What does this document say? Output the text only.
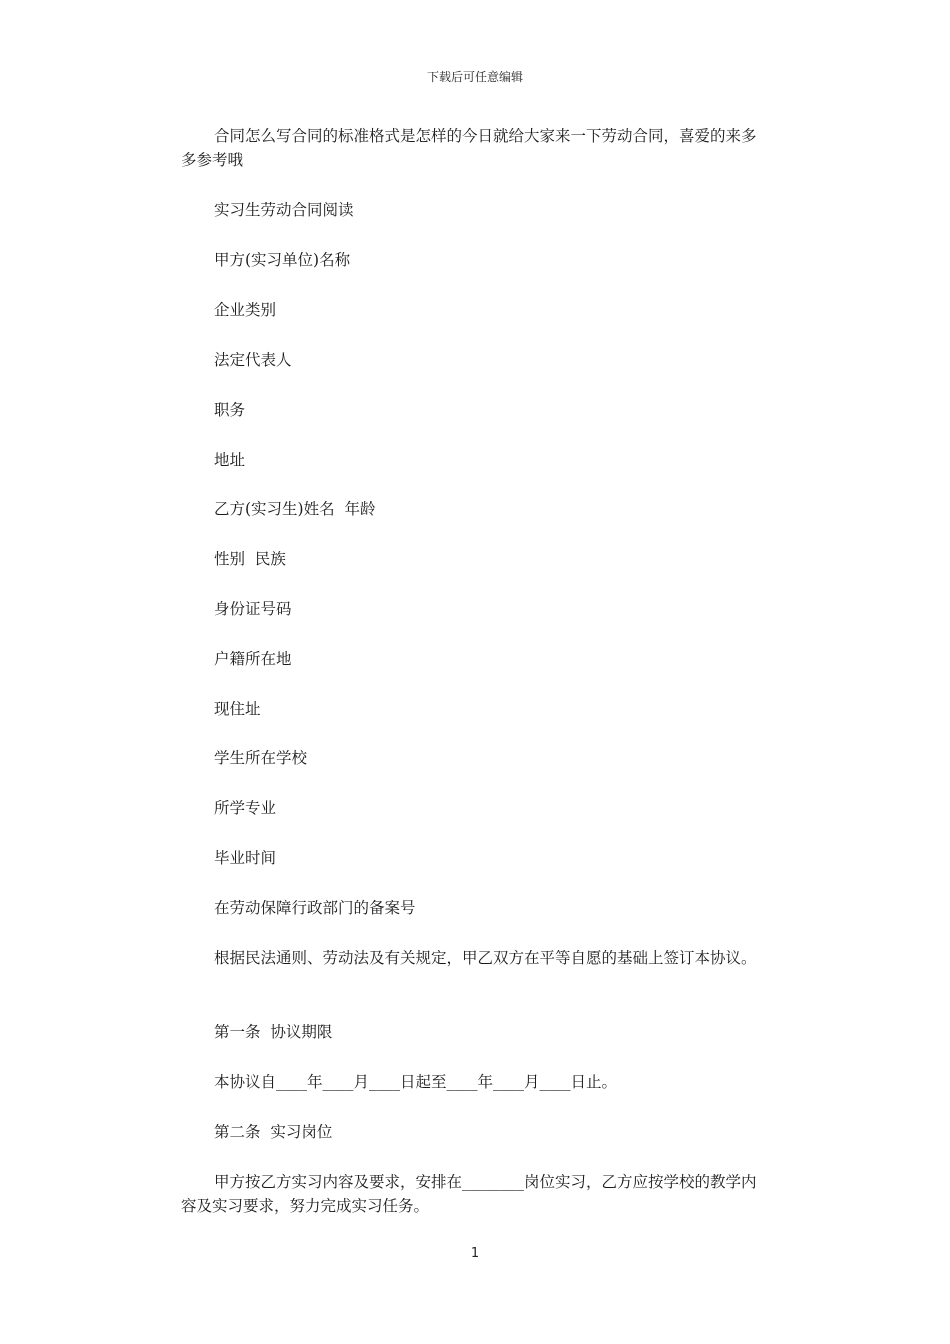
下载后可任意编辑

合同怎么写合同的标准格式是怎样的今日就给大家来一下劳动合同，喜爱的来多多参考哦

实习生劳动合同阅读

甲方(实习单位)名称

企业类别

法定代表人

职务

地址

乙方(实习生)姓名  年龄

性别  民族

身份证号码

户籍所在地

现住址

学生所在学校

所学专业

毕业时间

在劳动保障行政部门的备案号

根据民法通则、劳动法及有关规定，甲乙双方在平等自愿的基础上签订本协议。

第一条  协议期限

本协议自____年____月____日起至____年____月____日止。

第二条  实习岗位

甲方按乙方实习内容及要求，安排在________岗位实习，乙方应按学校的教学内容及实习要求，努力完成实习任务。

1
